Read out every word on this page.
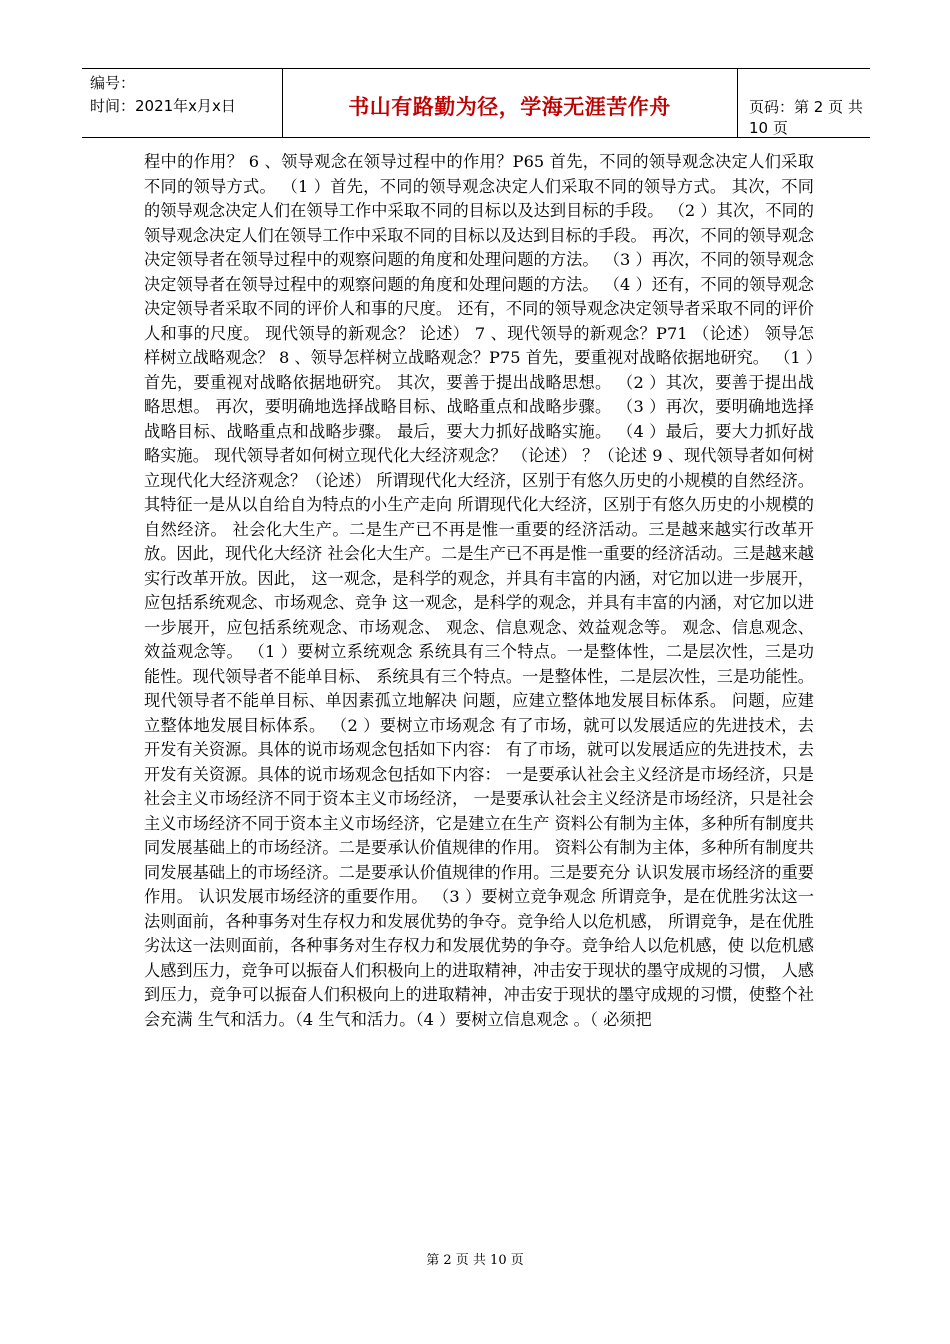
编号：
时间：2021年x月x日	书山有路勤为径，学海无涯苦作舟	页码：第 2 页 共 10 页

程中的作用？ 6 、领导观念在领导过程中的作用？P65 首先，不同的领导观念决定人们采取不同的领导方式。 （1 ）首先，不同的领导观念决定人们采取不同的领导方式。 其次，不同的领导观念决定人们在领导工作中采取不同的目标以及达到目标的手段。 （2 ）其次，不同的领导观念决定人们在领导工作中采取不同的目标以及达到目标的手段。 再次，不同的领导观念决定领导者在领导过程中的观察问题的角度和处理问题的方法。 （3 ）再次，不同的领导观念决定领导者在领导过程中的观察问题的角度和处理问题的方法。 （4 ）还有，不同的领导观念决定领导者采取不同的评价人和事的尺度。 还有，不同的领导观念决定领导者采取不同的评价人和事的尺度。 现代领导的新观念？ 论述） 7 、现代领导的新观念？P71 （论述） 领导怎样树立战略观念？ 8 、领导怎样树立战略观念？P75 首先，要重视对战略依据地研究。 （1 ）首先，要重视对战略依据地研究。 其次，要善于提出战略思想。 （2 ）其次，要善于提出战略思想。 再次，要明确地选择战略目标、战略重点和战略步骤。 （3 ）再次，要明确地选择战略目标、战略重点和战略步骤。 最后，要大力抓好战略实施。 （4 ）最后，要大力抓好战略实施。 现代领导者如何树立现代化大经济观念？ （论述） ？（论述 9 、现代领导者如何树立现代化大经济观念？（论述） 所谓现代化大经济，区别于有悠久历史的小规模的自然经济。其特征一是从以自给自为特点的小生产走向 所谓现代化大经济，区别于有悠久历史的小规模的自然经济。 社会化大生产。二是生产已不再是惟一重要的经济活动。三是越来越实行改革开放。因此，现代化大经济 社会化大生产。二是生产已不再是惟一重要的经济活动。三是越来越实行改革开放。因此， 这一观念，是科学的观念，并具有丰富的内涵，对它加以进一步展开，应包括系统观念、市场观念、竞争 这一观念，是科学的观念，并具有丰富的内涵，对它加以进一步展开，应包括系统观念、市场观念、 观念、信息观念、效益观念等。 观念、信息观念、效益观念等。 （1 ）要树立系统观念 系统具有三个特点。一是整体性，二是层次性，三是功能性。现代领导者不能单目标、 系统具有三个特点。一是整体性，二是层次性，三是功能性。现代领导者不能单目标、单因素孤立地解决 问题，应建立整体地发展目标体系。 问题，应建立整体地发展目标体系。 （2 ）要树立市场观念 有了市场，就可以发展适应的先进技术，去开发有关资源。具体的说市场观念包括如下内容： 有了市场，就可以发展适应的先进技术，去开发有关资源。具体的说市场观念包括如下内容： 一是要承认社会主义经济是市场经济，只是社会主义市场经济不同于资本主义市场经济， 一是要承认社会主义经济是市场经济，只是社会主义市场经济不同于资本主义市场经济，它是建立在生产 资料公有制为主体，多种所有制度共同发展基础上的市场经济。二是要承认价值规律的作用。 资料公有制为主体，多种所有制度共同发展基础上的市场经济。二是要承认价值规律的作用。三是要充分 认识发展市场经济的重要作用。 认识发展市场经济的重要作用。 （3 ）要树立竞争观念 所谓竞争，是在优胜劣汰这一法则面前，各种事务对生存权力和发展优势的争夺。竞争给人以危机感， 所谓竞争，是在优胜劣汰这一法则面前，各种事务对生存权力和发展优势的争夺。竞争给人以危机感，使 以危机感 人感到压力，竞争可以振奋人们积极向上的进取精神，冲击安于现状的墨守成规的习惯， 人感到压力，竞争可以振奋人们积极向上的进取精神，冲击安于现状的墨守成规的习惯，使整个社会充满 生气和活力。（4 生气和活力。（4 ）要树立信息观念 。（ 必须把

第 2 页 共 10 页
